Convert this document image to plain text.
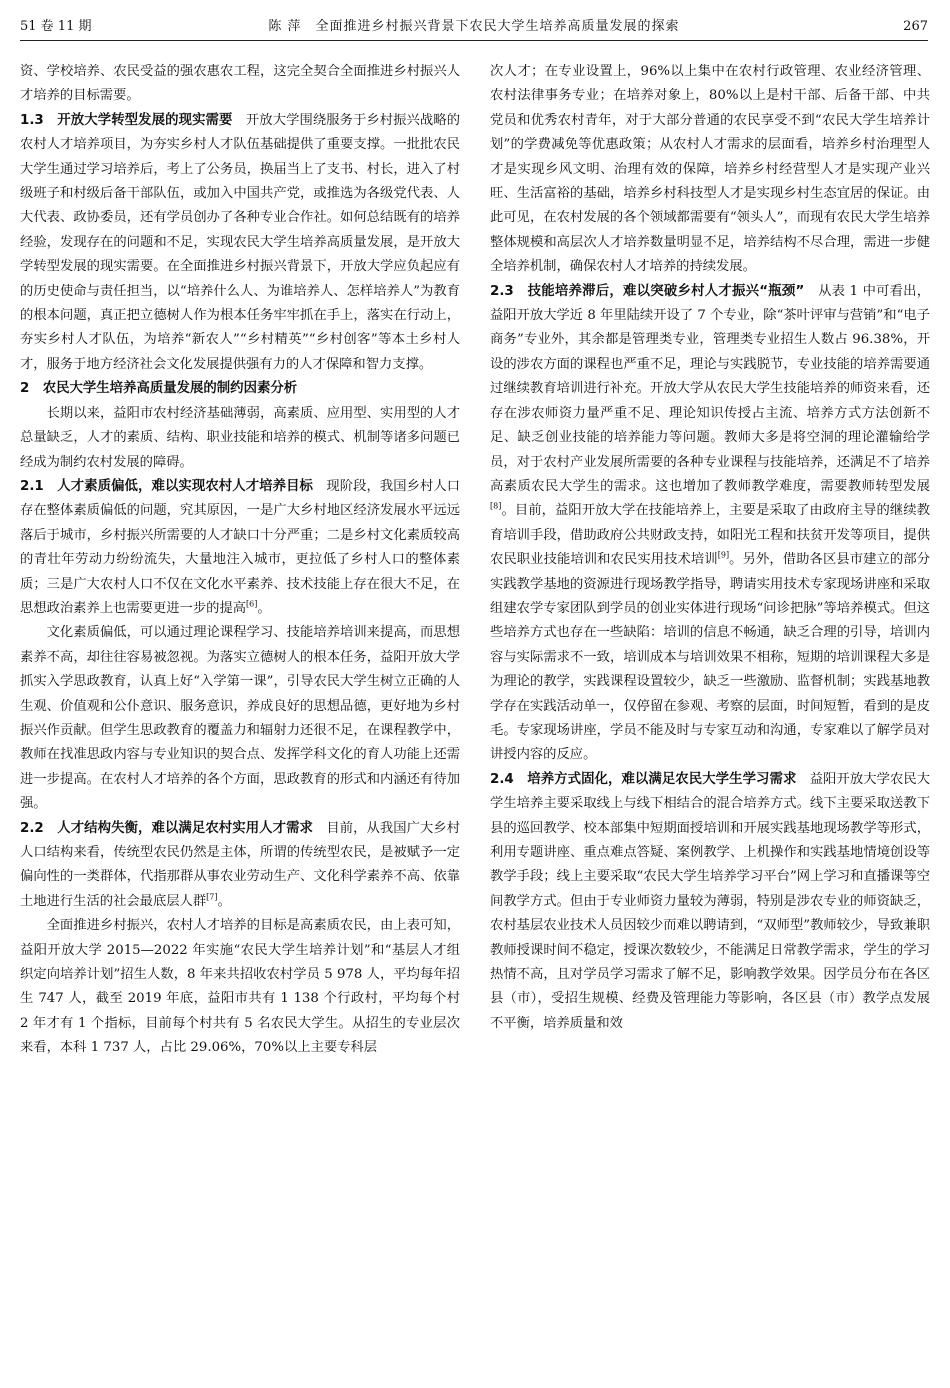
51 卷 11 期	陈 萍　全面推进乡村振兴背景下农民大学生培养高质量发展的探索	267

资、学校培养、农民受益的强农惠农工程，这完全契合全面推进乡村振兴人才培养的目标需要。

1.3　开放大学转型发展的现实需要　 开放大学围绕服务于乡村振兴战略的农村人才培养项目，为夯实乡村人才队伍基础提供了重要支撑。一批批农民大学生通过学习培养后，考上了公务员，换届当上了支书、村长，进入了村级班子和村级后备干部队伍，或加入中国共产党，或推选为各级党代表、人大代表、政协委员，还有学员创办了各种专业合作社。如何总结既有的培养经验，发现存在的问题和不足，实现农民大学生培养高质量发展，是开放大学转型发展的现实需要。在全面推进乡村振兴背景下，开放大学应负起应有的历史使命与责任担当，以“培养什么人、为谁培养人、怎样培养人”为教育的根本问题，真正把立德树人作为根本任务牢牢抓在手上，落实在行动上，夯实乡村人才队伍，为培养“新农人”“乡村精英”“乡村创客”等本土乡村人才，服务于地方经济社会文化发展提供强有力的人才保障和智力支撑。

2　农民大学生培养高质量发展的制约因素分析

长期以来，益阳市农村经济基础薄弱，高素质、应用型、实用型的人才总量缺乏，人才的素质、结构、职业技能和培养的模式、机制等诸多问题已经成为制约农村发展的障碍。

2.1　人才素质偏低，难以实现农村人才培养目标　 现阶段，我国乡村人口存在整体素质偏低的问题，究其原因，一是广大乡村地区经济发展水平远远落后于城市，乡村振兴所需要的人才缺口十分严重；二是乡村文化素质较高的青壮年劳动力纷纷流失，大量地注入城市，更拉低了乡村人口的整体素质；三是广大农村人口不仅在文化水平素养、技术技能上存在很大不足，在思想政治素养上也需要更进一步的提高[6]。

文化素质偏低，可以通过理论课程学习、技能培养培训来提高，而思想素养不高，却往往容易被忽视。为落实立德树人的根本任务，益阳开放大学抓实入学思政教育，认真上好“入学第一课”，引导农民大学生树立正确的人生观、价值观和公仆意识、服务意识，养成良好的思想品德，更好地为乡村振兴作贡献。但学生思政教育的覆盖力和辐射力还很不足，在课程教学中，教师在找准思政内容与专业知识的契合点、发挥学科文化的育人功能上还需进一步提高。在农村人才培养的各个方面，思政教育的形式和内涵还有待加强。

2.2　人才结构失衡，难以满足农村实用人才需求　 目前，从我国广大乡村人口结构来看，传统型农民仍然是主体，所谓的传统型农民，是被赋予一定偏向性的一类群体，代指那群从事农业劳动生产、文化科学素养不高、依靠土地进行生活的社会最底层人群[7]。

全面推进乡村振兴，农村人才培养的目标是高素质农民，由上表可知，益阳开放大学 2015—2022 年实施“农民大学生培养计划”和“基层人才组织定向培养计划”招生人数，8 年来共招收农村学员 5 978 人，平均每年招生 747 人，截至 2019 年底，益阳市共有 1 138 个行政村，平均每个村 2 年才有 1 个指标，目前每个村共有 5 名农民大学生。从招生的专业层次来看，本科 1 737 人，占比 29.06%，70%以上主要专科层

次人才；在专业设置上，96%以上集中在农村行政管理、农业经济管理、农村法律事务专业；在培养对象上，80%以上是村干部、后备干部、中共党员和优秀农村青年，对于大部分普通的农民享受不到“农民大学生培养计划”的学费减免等优惠政策；从农村人才需求的层面看，培养乡村治理型人才是实现乡风文明、治理有效的保障，培养乡村经营型人才是实现产业兴旺、生活富裕的基础，培养乡村科技型人才是实现乡村生态宜居的保证。由此可见，在农村发展的各个领域都需要有“领头人”，而现有农民大学生培养整体规模和高层次人才培养数量明显不足，培养结构不尽合理，需进一步健全培养机制，确保农村人才培养的持续发展。

2.3　技能培养滞后，难以突破乡村人才振兴“瓶颈”　 从表 1 中可看出，益阳开放大学近 8 年里陆续开设了 7 个专业，除“茶叶评审与营销”和“电子商务”专业外，其余都是管理类专业，管理类专业招生人数占 96.38%，开设的涉农方面的课程也严重不足，理论与实践脱节，专业技能的培养需要通过继续教育培训进行补充。开放大学从农民大学生技能培养的师资来看，还存在涉农师资力量严重不足、理论知识传授占主流、培养方式方法创新不足、缺乏创业技能的培养能力等问题。教师大多是将空洞的理论灌输给学员，对于农村产业发展所需要的各种专业课程与技能培养，还满足不了培养高素质农民大学生的需求。这也增加了教师教学难度，需要教师转型发展[8]。目前，益阳开放大学在技能培养上，主要是采取了由政府主导的继续教育培训手段，借助政府公共财政支持，如阳光工程和扶贫开发等项目，提供农民职业技能培训和农民实用技术培训[9]。另外，借助各区县市建立的部分实践教学基地的资源进行现场教学指导，聘请实用技术专家现场讲座和采取组建农学专家团队到学员的创业实体进行现场“问诊把脉”等培养模式。但这些培养方式也存在一些缺陷：培训的信息不畅通，缺乏合理的引导，培训内容与实际需求不一致，培训成本与培训效果不相称，短期的培训课程大多是为理论的教学，实践课程设置较少，缺乏一些激励、监督机制；实践基地教学存在实践活动单一，仅停留在参观、考察的层面，时间短暂，看到的是皮毛。专家现场讲座，学员不能及时与专家互动和沟通，专家难以了解学员对讲授内容的反应。

2.4　培养方式固化，难以满足农民大学生学习需求　 益阳开放大学农民大学生培养主要采取线上与线下相结合的混合培养方式。线下主要采取送教下县的巡回教学、校本部集中短期面授培训和开展实践基地现场教学等形式，利用专题讲座、重点难点答疑、案例教学、上机操作和实践基地情境创设等教学手段；线上主要采取“农民大学生培养学习平台”网上学习和直播课等空间教学方式。但由于专业师资力量较为薄弱，特别是涉农专业的师资缺乏，农村基层农业技术人员因较少而难以聘请到，“双师型”教师较少，导致兼职教师授课时间不稳定，授课次数较少，不能满足日常教学需求，学生的学习热情不高，且对学员学习需求了解不足，影响教学效果。因学员分布在各区县（市），受招生规模、经费及管理能力等影响，各区县（市）教学点发展不平衡，培养质量和效
